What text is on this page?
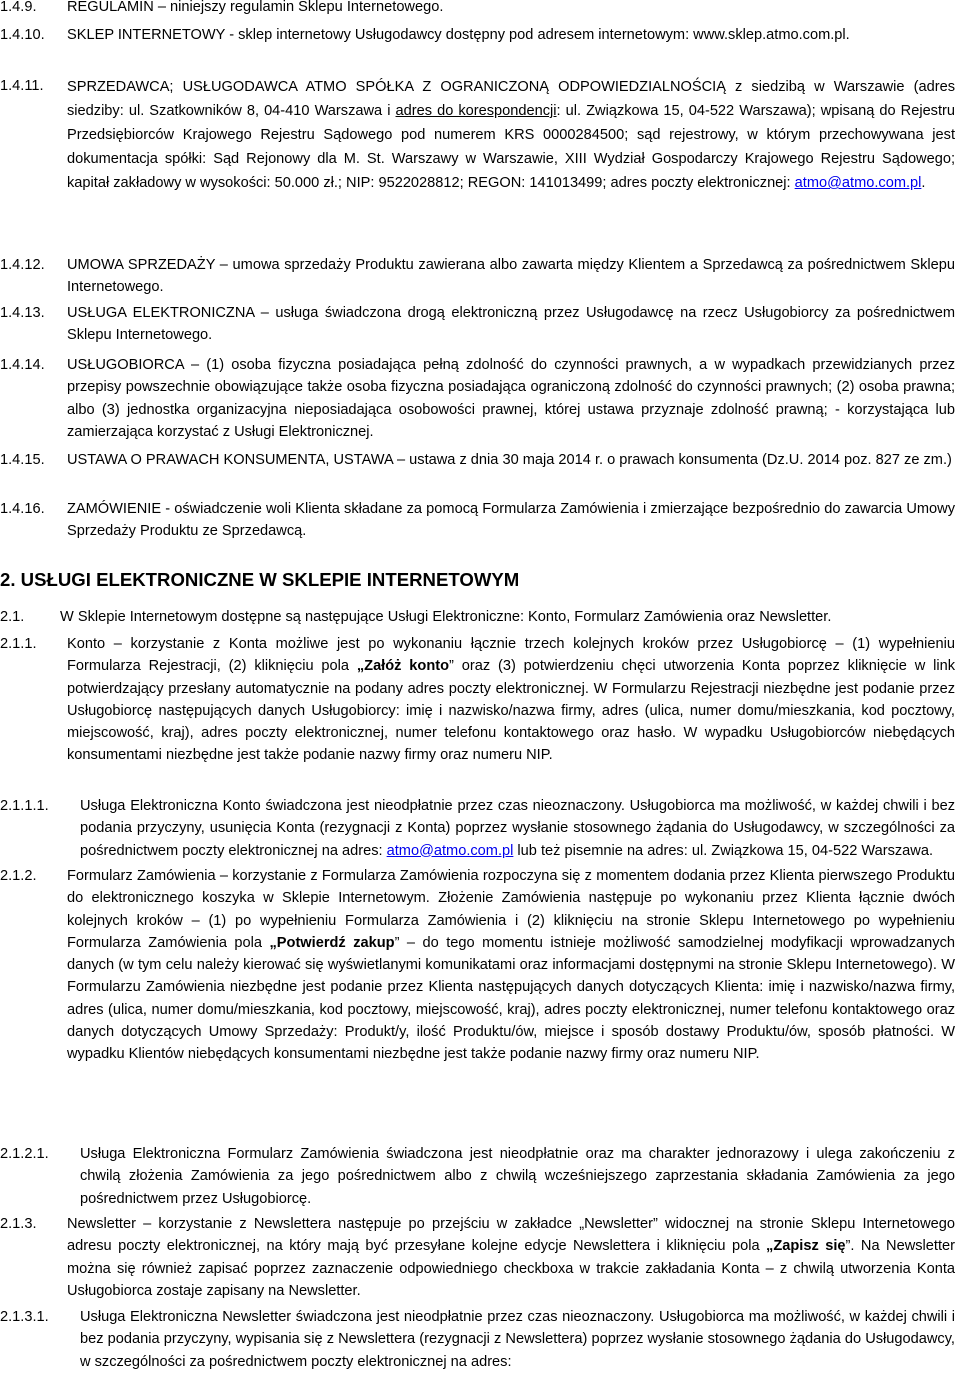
1.4.9.	REGULAMIN – niniejszy regulamin Sklepu Internetowego.
1.4.10.	SKLEP INTERNETOWY - sklep internetowy Usługodawcy dostępny pod adresem internetowym: www.sklep.atmo.com.pl.
1.4.11.	SPRZEDAWCA; USŁUGODAWCA ATMO SPÓŁKA Z OGRANICZONĄ ODPOWIEDZIALNOŚCIĄ z siedzibą w Warszawie (adres siedziby: ul. Szatkowników 8, 04-410 Warszawa i adres do korespondencji: ul. Związkowa 15, 04-522 Warszawa); wpisaną do Rejestru Przedsiębiorców Krajowego Rejestru Sądowego pod numerem KRS 0000284500; sąd rejestrowy, w którym przechowywana jest dokumentacja spółki: Sąd Rejonowy dla M. St. Warszawy w Warszawie, XIII Wydział Gospodarczy Krajowego Rejestru Sądowego; kapitał zakładowy w wysokości: 50.000 zł.; NIP: 9522028812; REGON: 141013499; adres poczty elektronicznej: atmo@atmo.com.pl.
1.4.12.	UMOWA SPRZEDAŻY – umowa sprzedaży Produktu zawierana albo zawarta między Klientem a Sprzedawcą za pośrednictwem Sklepu Internetowego.
1.4.13.	USŁUGA ELEKTRONICZNA – usługa świadczona drogą elektroniczną przez Usługodawcę na rzecz Usługobiorcy za pośrednictwem Sklepu Internetowego.
1.4.14.	USŁUGOBIORCA – (1) osoba fizyczna posiadająca pełną zdolność do czynności prawnych, a w wypadkach przewidzianych przez przepisy powszechnie obowiązujące także osoba fizyczna posiadająca ograniczoną zdolność do czynności prawnych; (2) osoba prawna; albo (3) jednostka organizacyjna nieposiadająca osobowości prawnej, której ustawa przyznaje zdolność prawną; - korzystająca lub zamierzająca korzystać z Usługi Elektronicznej.
1.4.15.	USTAWA O PRAWACH KONSUMENTA, USTAWA – ustawa z dnia 30 maja 2014 r. o prawach konsumenta (Dz.U. 2014 poz. 827 ze zm.)
1.4.16.	ZAMÓWIENIE - oświadczenie woli Klienta składane za pomocą Formularza Zamówienia i zmierzające bezpośrednio do zawarcia Umowy Sprzedaży Produktu ze Sprzedawcą.
2. USŁUGI ELEKTRONICZNE W SKLEPIE INTERNETOWYM
2.1.	W Sklepie Internetowym dostępne są następujące Usługi Elektroniczne: Konto, Formularz Zamówienia oraz Newsletter.
2.1.1.	Konto – korzystanie z Konta możliwe jest po wykonaniu łącznie trzech kolejnych kroków przez Usługobiorcę – (1) wypełnieniu Formularza Rejestracji, (2) kliknięciu pola „Załóż konto” oraz (3) potwierdzeniu chęci utworzenia Konta poprzez kliknięcie w link potwierdzający przesłany automatycznie na podany adres poczty elektronicznej. W Formularzu Rejestracji niezbędne jest podanie przez Usługobiorcę następujących danych Usługobiorcy: imię i nazwisko/nazwa firmy, adres (ulica, numer domu/mieszkania, kod pocztowy, miejscowość, kraj), adres poczty elektronicznej, numer telefonu kontaktowego oraz hasło. W wypadku Usługobiorców niebędących konsumentami niezbędne jest także podanie nazwy firmy oraz numeru NIP.
2.1.1.1.	Usługa Elektroniczna Konto świadczona jest nieodpłatnie przez czas nieoznaczony. Usługobiorca ma możliwość, w każdej chwili i bez podania przyczyny, usunięcia Konta (rezygnacji z Konta) poprzez wysłanie stosownego żądania do Usługodawcy, w szczególności za pośrednictwem poczty elektronicznej na adres: atmo@atmo.com.pl lub też pisemnie na adres: ul. Związkowa 15, 04-522 Warszawa.
2.1.2.	Formularz Zamówienia – korzystanie z Formularza Zamówienia rozpoczyna się z momentem dodania przez Klienta pierwszego Produktu do elektronicznego koszyka w Sklepie Internetowym. Złożenie Zamówienia następuje po wykonaniu przez Klienta łącznie dwóch kolejnych kroków – (1) po wypełnieniu Formularza Zamówienia i (2) kliknięciu na stronie Sklepu Internetowego po wypełnieniu Formularza Zamówienia pola „Potwierdź zakup” – do tego momentu istnieje możliwość samodzielnej modyfikacji wprowadzanych danych (w tym celu należy kierować się wyświetlanymi komunikatami oraz informacjami dostępnymi na stronie Sklepu Internetowego). W Formularzu Zamówienia niezbędne jest podanie przez Klienta następujących danych dotyczących Klienta: imię i nazwisko/nazwa firmy, adres (ulica, numer domu/mieszkania, kod pocztowy, miejscowość, kraj), adres poczty elektronicznej, numer telefonu kontaktowego oraz danych dotyczących Umowy Sprzedaży: Produkt/y, ilość Produktu/ów, miejsce i sposób dostawy Produktu/ów, sposób płatności. W wypadku Klientów niebędących konsumentami niezbędne jest także podanie nazwy firmy oraz numeru NIP.
2.1.2.1.	Usługa Elektroniczna Formularz Zamówienia świadczona jest nieodpłatnie oraz ma charakter jednorazowy i ulega zakończeniu z chwilą złożenia Zamówienia za jego pośrednictwem albo z chwilą wcześniejszego zaprzestania składania Zamówienia za jego pośrednictwem przez Usługobiorcę.
2.1.3.	Newsletter – korzystanie z Newslettera następuje po przejściu w zakładce „Newsletter” widocznej na stronie Sklepu Internetowego adresu poczty elektronicznej, na który mają być przesyłane kolejne edycje Newslettera i kliknięciu pola „Zapisz się”. Na Newsletter można się również zapisać poprzez zaznaczenie odpowiedniego checkboxa w trakcie zakładania Konta – z chwilą utworzenia Konta Usługobiorca zostaje zapisany na Newsletter.
2.1.3.1.	Usługa Elektroniczna Newsletter świadczona jest nieodpłatnie przez czas nieoznaczony. Usługobiorca ma możliwość, w każdej chwili i bez podania przyczyny, wypisania się z Newslettera (rezygnacji z Newslettera) poprzez wysłanie stosownego żądania do Usługodawcy, w szczególności za pośrednictwem poczty elektronicznej na adres:
